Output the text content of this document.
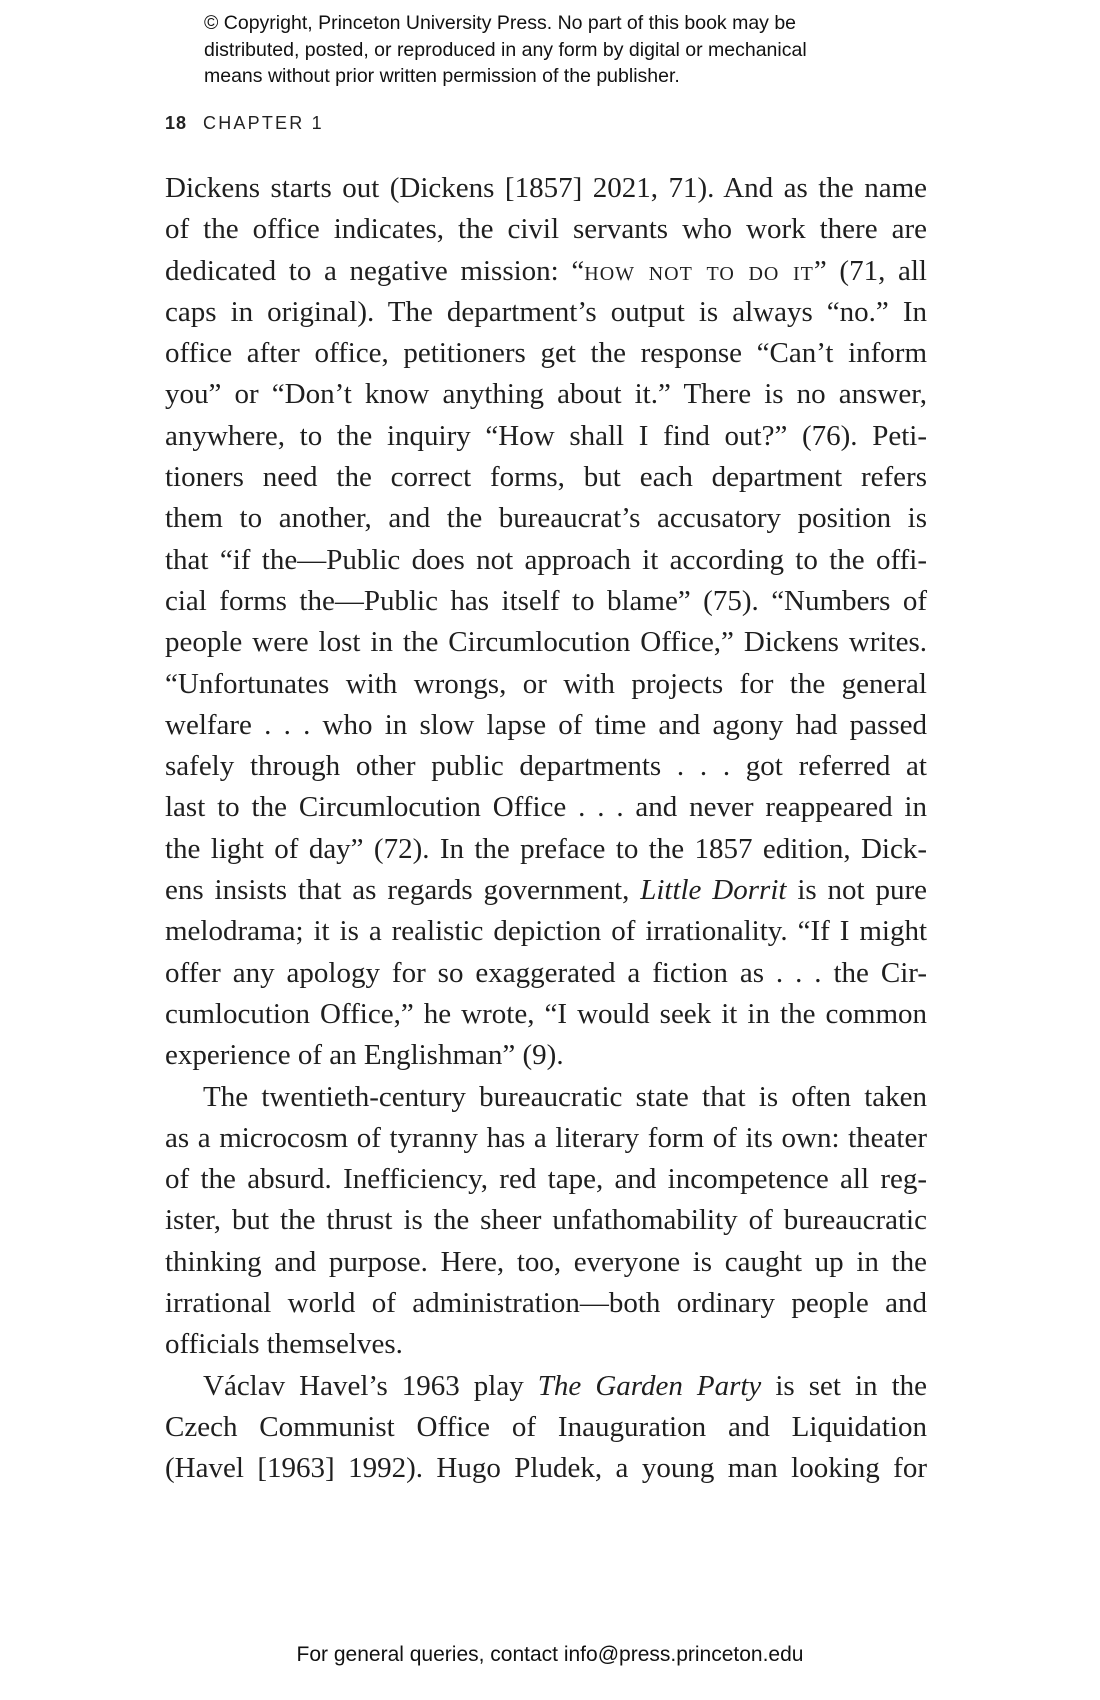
© Copyright, Princeton University Press. No part of this book may be
distributed, posted, or reproduced in any form by digital or mechanical
means without prior written permission of the publisher.
18 CHAPTER 1
Dickens starts out (Dickens [1857] 2021, 71). And as the name
of the office indicates, the civil servants who work there are
dedicated to a negative mission: “how not to do it” (71, all
caps in original). The department’s output is always “no.” In
office after office, petitioners get the response “Can’t inform
you” or “Don’t know anything about it.” There is no answer,
anywhere, to the inquiry “How shall I find out?” (76). Peti-
tioners need the correct forms, but each department refers
them to another, and the bureaucrat’s accusatory position is
that “if the—Public does not approach it according to the offi-
cial forms the—Public has itself to blame” (75). “Numbers of
people were lost in the Circumlocution Office,” Dickens writes.
“Unfortunates with wrongs, or with projects for the general
welfare . . . who in slow lapse of time and agony had passed
safely through other public departments . . . got referred at
last to the Circumlocution Office . . . and never reappeared in
the light of day” (72). In the preface to the 1857 edition, Dick-
ens insists that as regards government, Little Dorrit is not pure
melodrama; it is a realistic depiction of irrationality. “If I might
offer any apology for so exaggerated a fiction as . . . the Cir-
cumlocution Office,” he wrote, “I would seek it in the common
experience of an Englishman” (9).
The twentieth-century bureaucratic state that is often taken
as a microcosm of tyranny has a literary form of its own: theater
of the absurd. Inefficiency, red tape, and incompetence all reg-
ister, but the thrust is the sheer unfathomability of bureaucratic
thinking and purpose. Here, too, everyone is caught up in the
irrational world of administration—both ordinary people and
officials themselves.
Václav Havel’s 1963 play The Garden Party is set in the
Czech Communist Office of Inauguration and Liquidation
(Havel [1963] 1992). Hugo Pludek, a young man looking for
For general queries, contact info@press.princeton.edu
